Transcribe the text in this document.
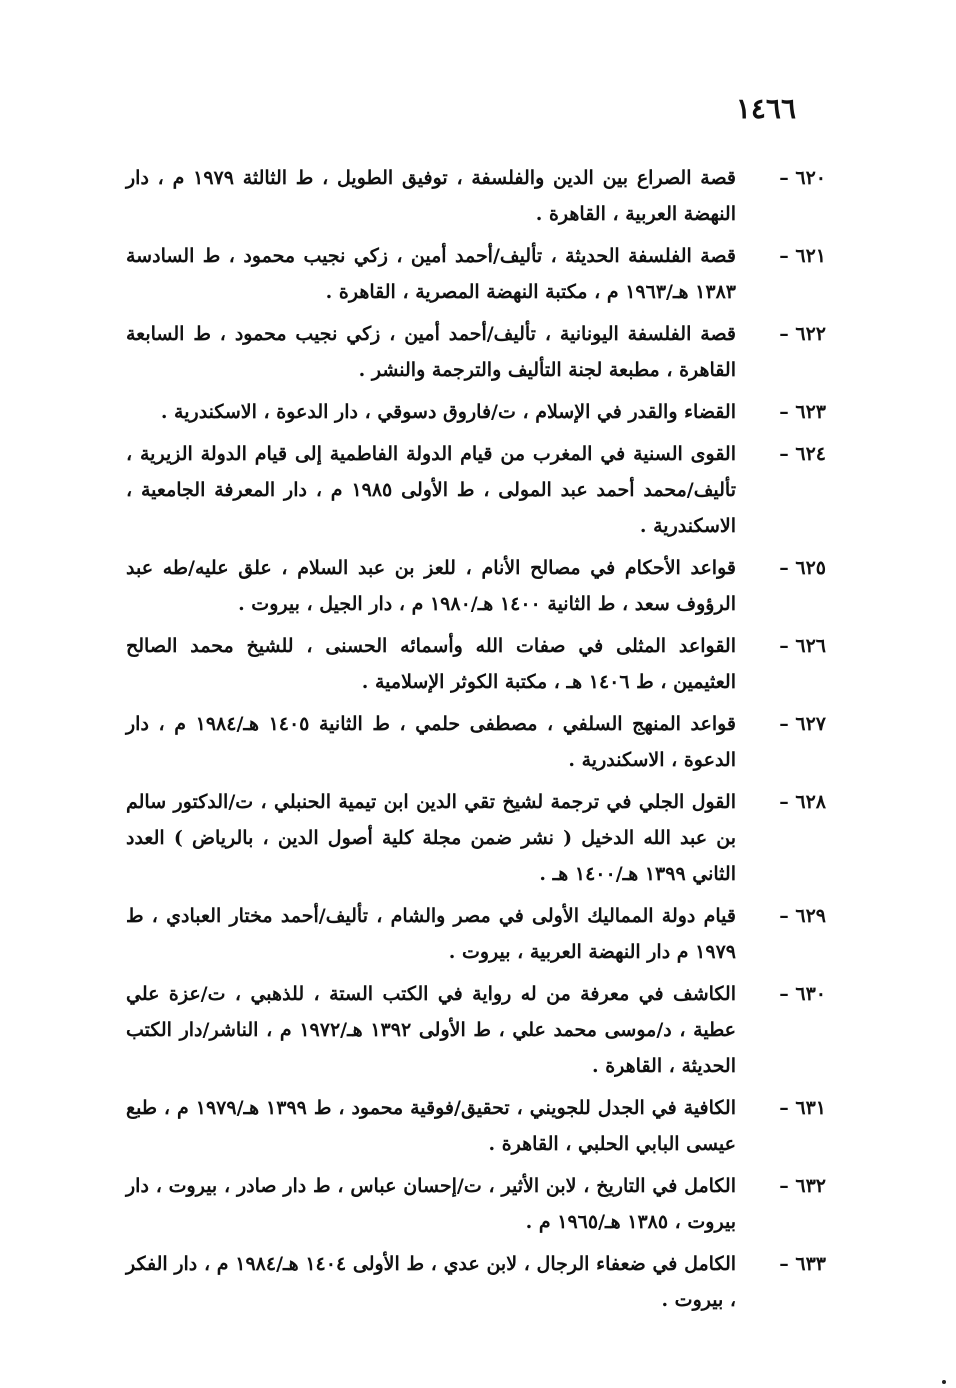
١٤٦٦
٦٢٠ –
قصة الصراع بين الدين والفلسفة ، توفيق الطويل ، ط الثالثة ١٩٧٩ م ، دار النهضة العربية ، القاهرة .
٦٢١ –
قصة الفلسفة الحديثة ، تأليف/أحمد أمين ، زكي نجيب محمود ، ط السادسة ١٣٨٣ هـ/١٩٦٣ م ، مكتبة النهضة المصرية ، القاهرة .
٦٢٢ –
قصة الفلسفة اليونانية ، تأليف/أحمد أمين ، زكي نجيب محمود ، ط السابعة القاهرة ، مطبعة لجنة التأليف والترجمة والنشر .
٦٢٣ –
القضاء والقدر في الإسلام ، ت/فاروق دسوقي ، دار الدعوة ، الاسكندرية .
٦٢٤ –
القوى السنية في المغرب من قيام الدولة الفاطمية إلى قيام الدولة الزيرية ، تأليف/محمد أحمد عبد المولى ، ط الأولى ١٩٨٥ م ، دار المعرفة الجامعية ، الاسكندرية .
٦٢٥ –
قواعد الأحكام في مصالح الأنام ، للعز بن عبد السلام ، علق عليه/طه عبد الرؤوف سعد ، ط الثانية ١٤٠٠ هـ/١٩٨٠ م ، دار الجيل ، بيروت .
٦٢٦ –
القواعد المثلى في صفات الله وأسمائه الحسنى ، للشيخ محمد الصالح العثيمين ، ط ١٤٠٦ هـ ، مكتبة الكوثر الإسلامية .
٦٢٧ –
قواعد المنهج السلفي ، مصطفى حلمي ، ط الثانية ١٤٠٥ هـ/١٩٨٤ م ، دار الدعوة ، الاسكندرية .
٦٢٨ –
القول الجلي في ترجمة لشيخ تقي الدين ابن تيمية الحنبلي ، ت/الدكتور سالم بن عبد الله الدخيل ( نشر ضمن مجلة كلية أصول الدين ، بالرياض ) العدد الثاني ١٣٩٩ هـ/١٤٠٠ هـ .
٦٢٩ –
قيام دولة المماليك الأولى في مصر والشام ، تأليف/أحمد مختار العبادي ، ط ١٩٧٩ م دار النهضة العربية ، بيروت .
٦٣٠ –
الكاشف في معرفة من له رواية في الكتب الستة ، للذهبي ، ت/عزة علي عطية ، د/موسى محمد علي ، ط الأولى ١٣٩٢ هـ/١٩٧٢ م ، الناشر/دار الكتب الحديثة ، القاهرة .
٦٣١ –
الكافية في الجدل للجويني ، تحقيق/فوقية محمود ، ط ١٣٩٩ هـ/١٩٧٩ م ، طبع عيسى البابي الحلبي ، القاهرة .
٦٣٢ –
الكامل في التاريخ ، لابن الأثير ، ت/إحسان عباس ، ط دار صادر ، بيروت ، دار بيروت ، ١٣٨٥ هـ/١٩٦٥ م .
٦٣٣ –
الكامل في ضعفاء الرجال ، لابن عدي ، ط الأولى ١٤٠٤ هـ/١٩٨٤ م ، دار الفكر ، بيروت .
